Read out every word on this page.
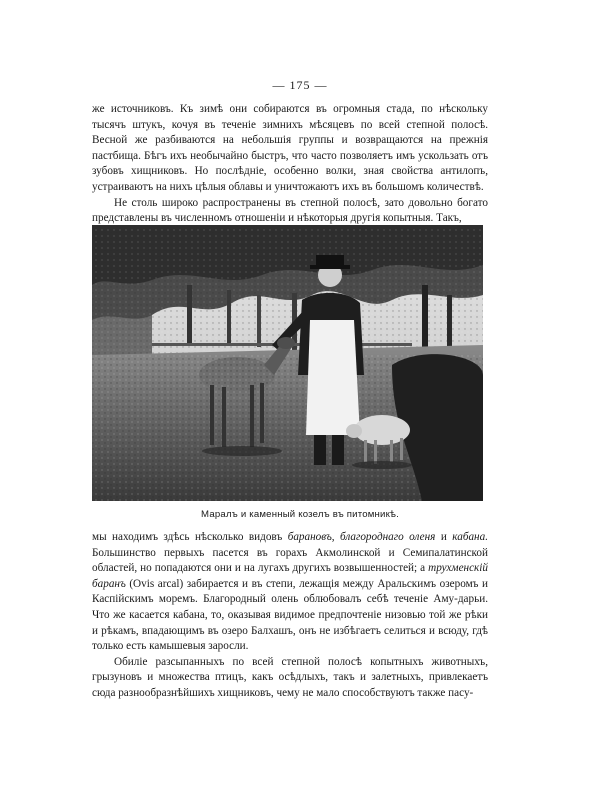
— 175 —

же источниковъ. Къ зимѣ они собираются въ огромныя стада, по нѣскольку тысячъ штукъ, кочуя въ теченіе зимнихъ мѣсяцевъ по всей степной полосѣ. Весной же разбиваются на небольшія группы и возвращаются на прежнія пастбища. Бѣгъ ихъ необычайно быстръ, что часто позволяетъ имъ ускользать отъ зубовъ хищниковъ. Но послѣдніе, особенно волки, зная свойства антилопъ, устраиваютъ на нихъ цѣлыя облавы и уничтожаютъ ихъ въ большомъ количествѣ.

Не столь широко распространены въ степной полосѣ, зато довольно богато представлены въ численномъ отношеніи и нѣкоторыя другія копытныя. Такъ,

Маралъ и каменный козелъ въ питомникѣ.

мы находимъ здѣсь нѣсколько видовъ барановъ, благороднаго оленя и кабана. Большинство первыхъ пасется въ горахъ Акмолинской и Семипалатинской областей, но попадаются они и на лугахъ другихъ возвышенностей; а трухменскій баранъ (Ovis arcal) забирается и въ степи, лежащія между Аральскимъ озеромъ и Каспійскимъ моремъ. Благородный олень облюбовалъ себѣ теченіе Аму-дарьи. Что же касается кабана, то, оказывая видимое предпочтеніе низовью той же рѣки и рѣкамъ, впадающимъ въ озеро Балхашъ, онъ не избѣгаетъ селиться и всюду, гдѣ только есть камышевыя заросли.

Обиліе разсыпанныхъ по всей степной полосѣ копытныхъ животныхъ, грызуновъ и множества птицъ, какъ осѣдлыхъ, такъ и залетныхъ, привлекаетъ сюда разнообразнѣйшихъ хищниковъ, чему не мало способствуютъ также пасу-
